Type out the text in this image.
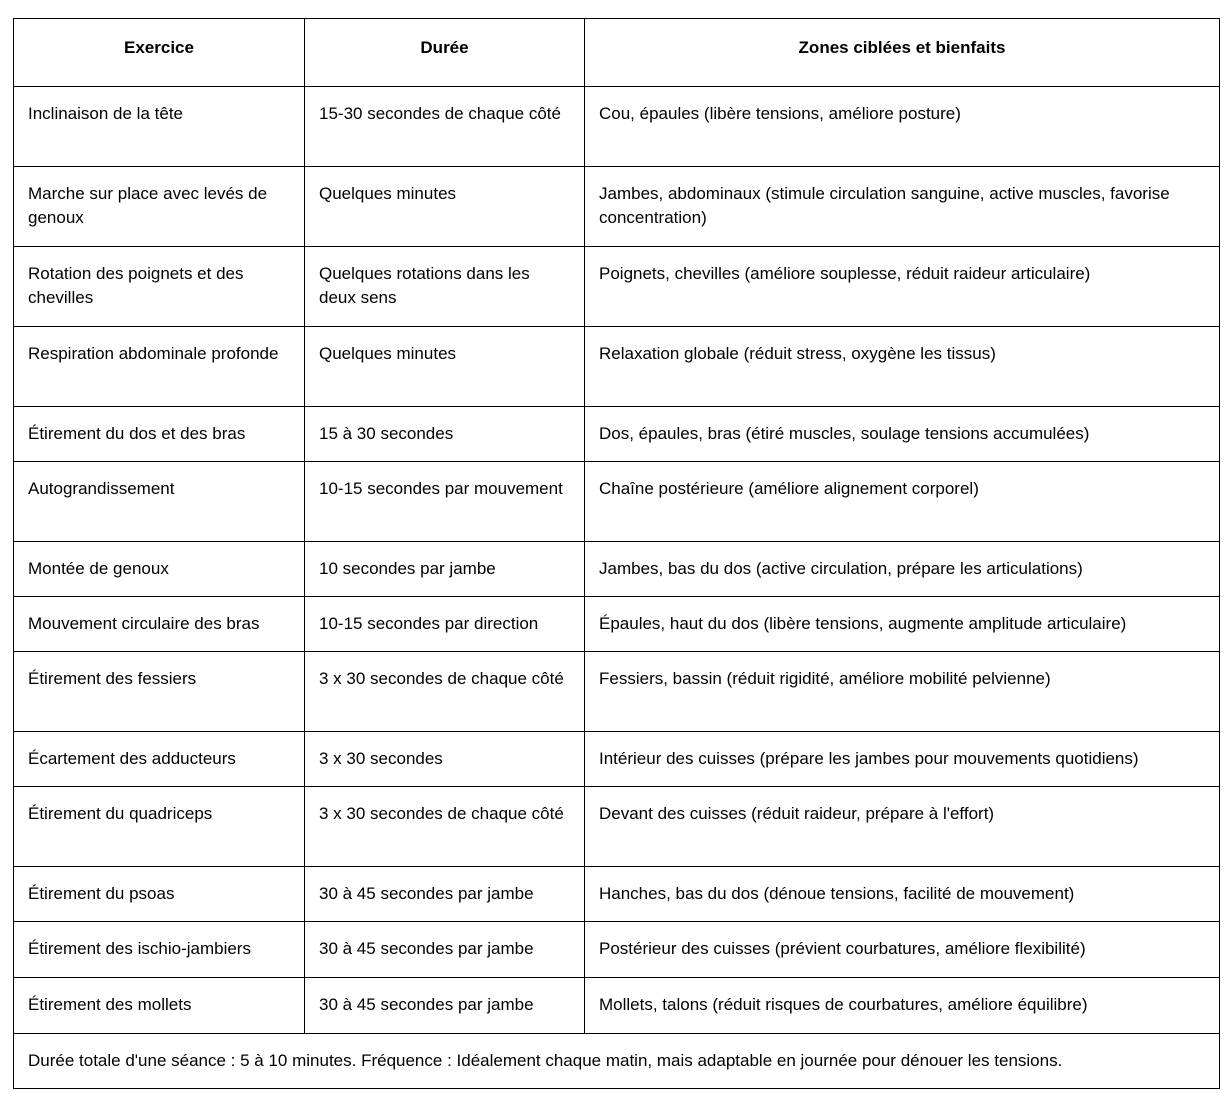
Exercice	Durée	Zones ciblées et bienfaits
Inclinaison de la tête	15-30 secondes de chaque côté	Cou, épaules (libère tensions, améliore posture)
Marche sur place avec levés de genoux	Quelques minutes	Jambes, abdominaux (stimule circulation sanguine, active muscles, favorise concentration)
Rotation des poignets et des chevilles	Quelques rotations dans les deux sens	Poignets, chevilles (améliore souplesse, réduit raideur articulaire)
Respiration abdominale profonde	Quelques minutes	Relaxation globale (réduit stress, oxygène les tissus)
Étirement du dos et des bras	15 à 30 secondes	Dos, épaules, bras (étiré muscles, soulage tensions accumulées)
Autograndissement	10-15 secondes par mouvement	Chaîne postérieure (améliore alignement corporel)
Montée de genoux	10 secondes par jambe	Jambes, bas du dos (active circulation, prépare les articulations)
Mouvement circulaire des bras	10-15 secondes par direction	Épaules, haut du dos (libère tensions, augmente amplitude articulaire)
Étirement des fessiers	3 x 30 secondes de chaque côté	Fessiers, bassin (réduit rigidité, améliore mobilité pelvienne)
Écartement des adducteurs	3 x 30 secondes	Intérieur des cuisses (prépare les jambes pour mouvements quotidiens)
Étirement du quadriceps	3 x 30 secondes de chaque côté	Devant des cuisses (réduit raideur, prépare à l'effort)
Étirement du psoas	30 à 45 secondes par jambe	Hanches, bas du dos (dénoue tensions, facilité de mouvement)
Étirement des ischio-jambiers	30 à 45 secondes par jambe	Postérieur des cuisses (prévient courbatures, améliore flexibilité)
Étirement des mollets	30 à 45 secondes par jambe	Mollets, talons (réduit risques de courbatures, améliore équilibre)
Durée totale d'une séance : 5 à 10 minutes. Fréquence : Idéalement chaque matin, mais adaptable en journée pour dénouer les tensions.		
